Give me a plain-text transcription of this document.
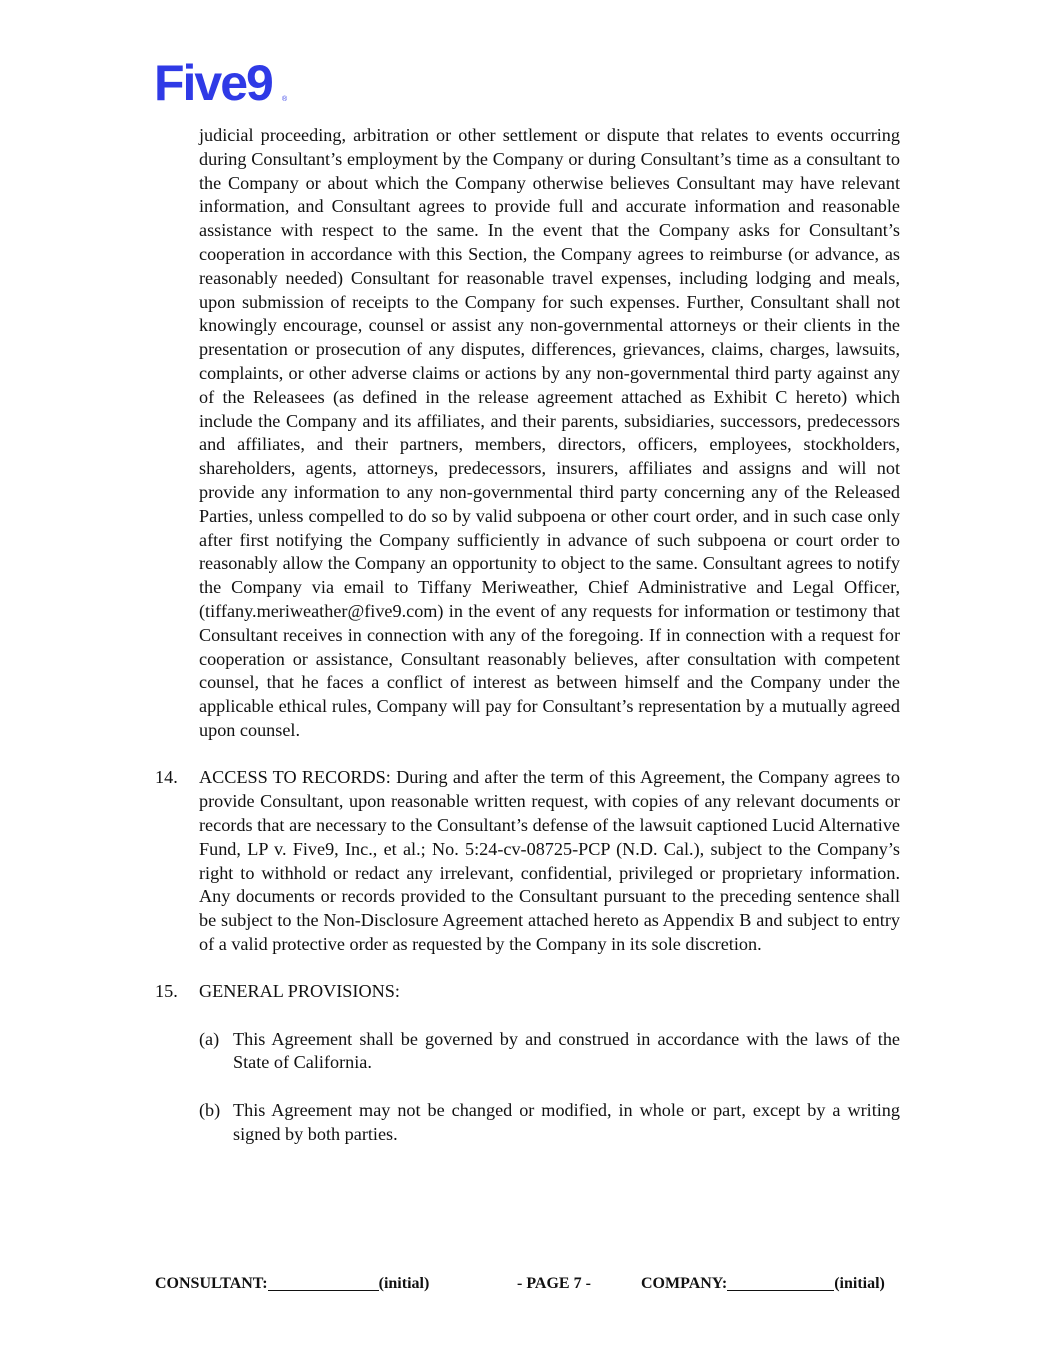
Five9 ®

judicial proceeding, arbitration or other settlement or dispute that relates to events occurring during Consultant’s employment by the Company or during Consultant’s time as a consultant to the Company or about which the Company otherwise believes Consultant may have relevant information, and Consultant agrees to provide full and accurate information and reasonable assistance with respect to the same. In the event that the Company asks for Consultant’s cooperation in accordance with this Section, the Company agrees to reimburse (or advance, as reasonably needed) Consultant for reasonable travel expenses, including lodging and meals, upon submission of receipts to the Company for such expenses. Further, Consultant shall not knowingly encourage, counsel or assist any non-governmental attorneys or their clients in the presentation or prosecution of any disputes, differences, grievances, claims, charges, lawsuits, complaints, or other adverse claims or actions by any non-governmental third party against any of the Releasees (as defined in the release agreement attached as Exhibit C hereto) which include the Company and its affiliates, and their parents, subsidiaries, successors, predecessors and affiliates, and their partners, members, directors, officers, employees, stockholders, shareholders, agents, attorneys, predecessors, insurers, affiliates and assigns and will not provide any information to any non-governmental third party concerning any of the Released Parties, unless compelled to do so by valid subpoena or other court order, and in such case only after first notifying the Company sufficiently in advance of such subpoena or court order to reasonably allow the Company an opportunity to object to the same. Consultant agrees to notify the Company via email to Tiffany Meriweather, Chief Administrative and Legal Officer, (tiffany.meriweather@five9.com) in the event of any requests for information or testimony that Consultant receives in connection with any of the foregoing. If in connection with a request for cooperation or assistance, Consultant reasonably believes, after consultation with competent counsel, that he faces a conflict of interest as between himself and the Company under the applicable ethical rules, Company will pay for Consultant’s representation by a mutually agreed upon counsel.

14.	ACCESS TO RECORDS: During and after the term of this Agreement, the Company agrees to provide Consultant, upon reasonable written request, with copies of any relevant documents or records that are necessary to the Consultant’s defense of the lawsuit captioned Lucid Alternative Fund, LP v. Five9, Inc., et al.; No. 5:24-cv-08725-PCP (N.D. Cal.), subject to the Company’s right to withhold or redact any irrelevant, confidential, privileged or proprietary information. Any documents or records provided to the Consultant pursuant to the preceding sentence shall be subject to the Non-Disclosure Agreement attached hereto as Appendix B and subject to entry of a valid protective order as requested by the Company in its sole discretion.
15.	GENERAL PROVISIONS:
(a) This Agreement shall be governed by and construed in accordance with the laws of the State of California.
(b) This Agreement may not be changed or modified, in whole or part, except by a writing signed by both parties.
CONSULTANT:	(initial)	- PAGE 7 -	COMPANY:	(initial)
